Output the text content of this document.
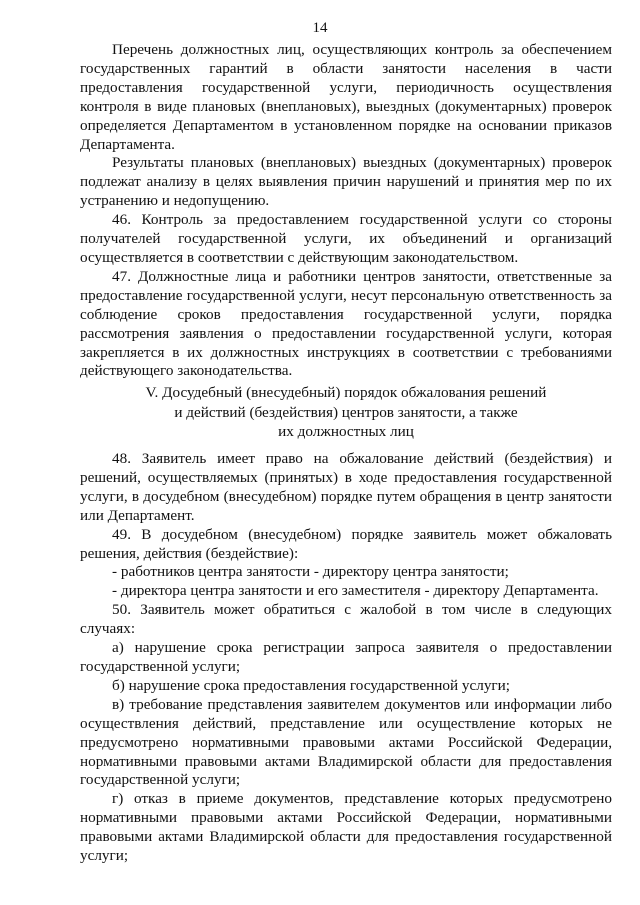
14

Перечень должностных лиц, осуществляющих контроль за обеспечением государственных гарантий в области занятости населения в части предоставления государственной услуги, периодичность осуществления контроля в виде плановых (внеплановых), выездных (документарных) проверок определяется Департаментом в установленном порядке на основании приказов Департамента.

Результаты плановых (внеплановых) выездных (документарных) проверок подлежат анализу в целях выявления причин нарушений и принятия мер по их устранению и недопущению.

46. Контроль за предоставлением государственной услуги со стороны получателей государственной услуги, их объединений и организаций осуществляется в соответствии с действующим законодательством.

47. Должностные лица и работники центров занятости, ответственные за предоставление государственной услуги, несут персональную ответственность за соблюдение сроков предоставления государственной услуги, порядка рассмотрения заявления о предоставлении государственной услуги, которая закрепляется в их должностных инструкциях в соответствии с требованиями действующего законодательства.

V. Досудебный (внесудебный) порядок обжалования решений
и действий (бездействия) центров занятости, а также
их должностных лиц

48. Заявитель имеет право на обжалование действий (бездействия) и решений, осуществляемых (принятых) в ходе предоставления государственной услуги, в досудебном (внесудебном) порядке путем обращения в центр занятости или Департамент.

49. В досудебном (внесудебном) порядке заявитель может обжаловать решения, действия (бездействие):

- работников центра занятости - директору центра занятости;

- директора центра занятости и его заместителя - директору Департамента.

50. Заявитель может обратиться с жалобой в том числе в следующих случаях:

а) нарушение срока регистрации запроса заявителя о предоставлении государственной услуги;

б) нарушение срока предоставления государственной услуги;

в) требование представления заявителем документов или информации либо осуществления действий, представление или осуществление которых не предусмотрено нормативными правовыми актами Российской Федерации, нормативными правовыми актами Владимирской области для предоставления государственной услуги;

г) отказ в приеме документов, представление которых предусмотрено нормативными правовыми актами Российской Федерации, нормативными правовыми актами Владимирской области для предоставления государственной услуги;
